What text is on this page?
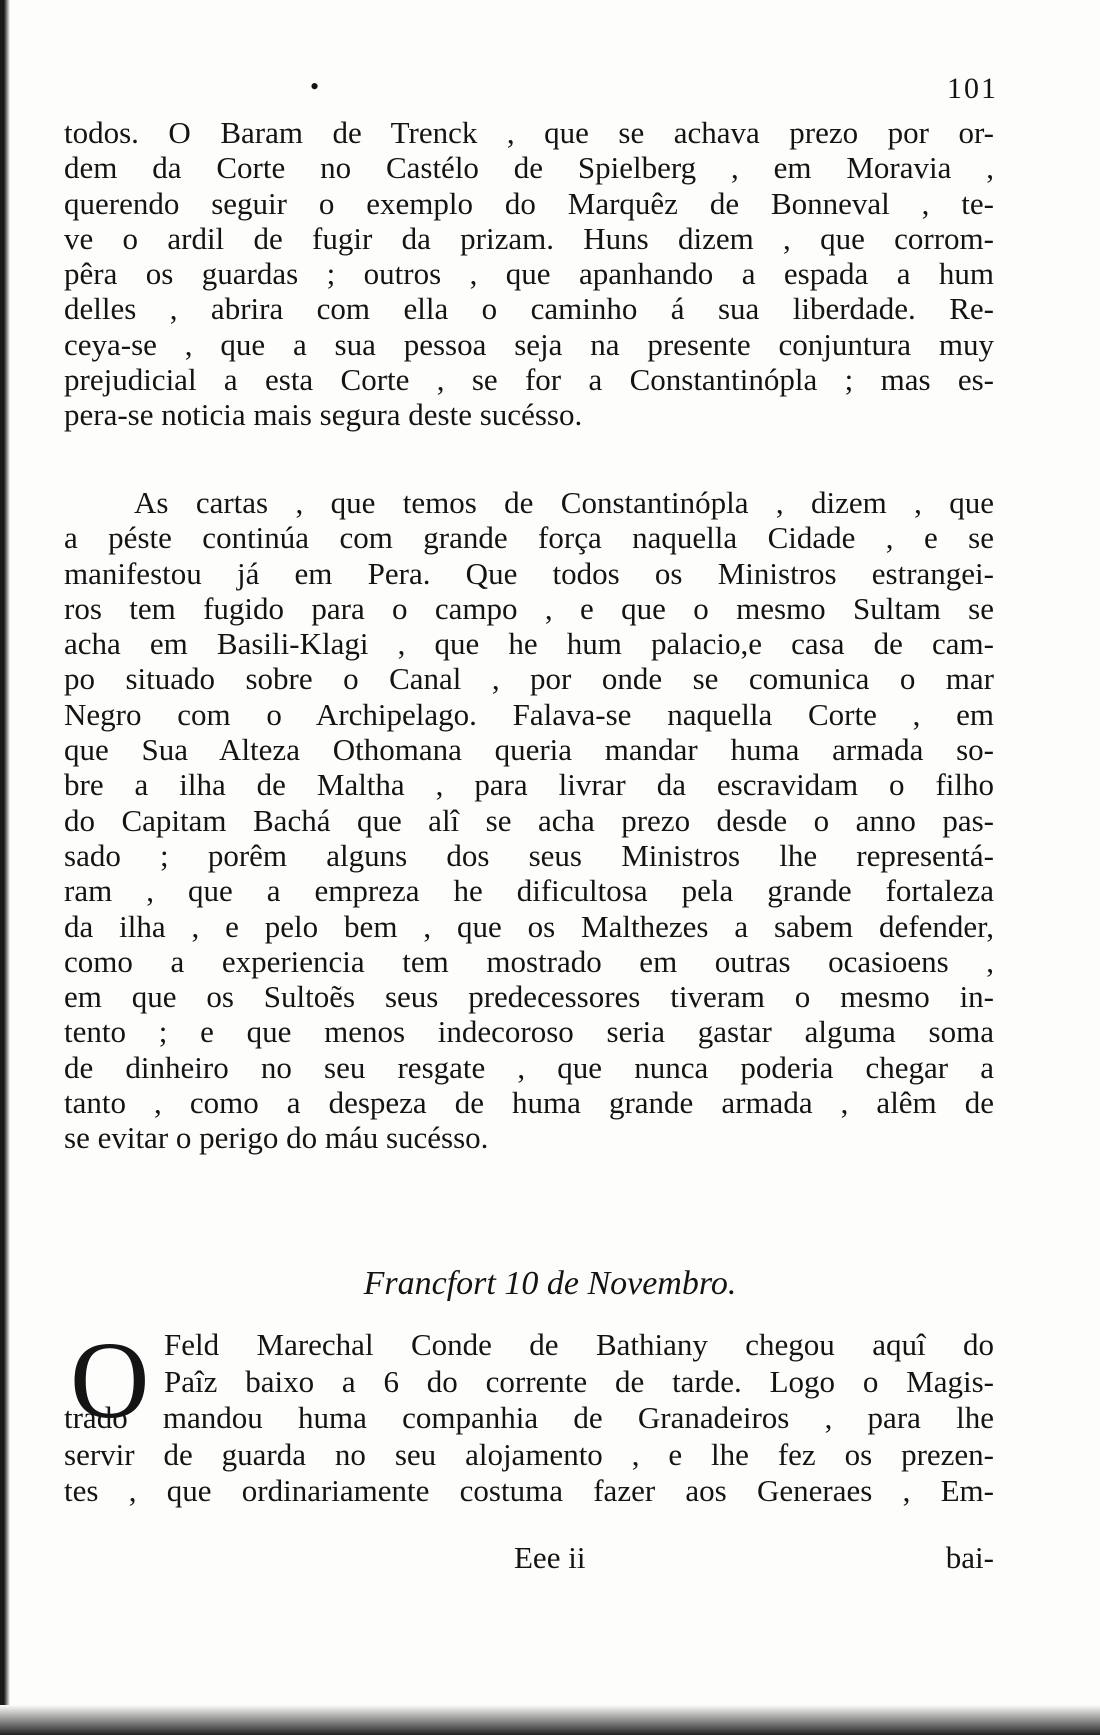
•	101
todos. O Baram de Trenck , que se achava prezo por or-
dem da Corte no Castélo de Spielberg , em Moravia ,
querendo seguir o exemplo do Marquêz de Bonneval , te-
ve o ardil de fugir da prizam. Huns dizem , que corrom-
pêra os guardas ; outros , que apanhando a espada a hum
delles , abrira com ella o caminho á sua liberdade. Re-
ceya-se , que a sua pessoa seja na presente conjuntura muy
prejudicial a esta Corte , se for a Constantinópla ; mas es-
pera-se noticia mais segura deste sucésso.
As cartas , que temos de Constantinópla , dizem , que
a péste continúa com grande força naquella Cidade , e se
manifestou já em Pera. Que todos os Ministros estrangei-
ros tem fugido para o campo , e que o mesmo Sultam se
acha em Basili-Klagi , que he hum palacio,e casa de cam-
po situado sobre o Canal , por onde se comunica o mar
Negro com o Archipelago. Falava-se naquella Corte , em
que Sua Alteza Othomana queria mandar huma armada so-
bre a ilha de Maltha , para livrar da escravidam o filho
do Capitam Bachá que alî se acha prezo desde o anno pas-
sado ; porêm alguns dos seus Ministros lhe representá-
ram , que a empreza he dificultosa pela grande fortaleza
da ilha , e pelo bem , que os Malthezes a sabem defender,
como a experiencia tem mostrado em outras ocasioens ,
em que os Sultoẽs seus predecessores tiveram o mesmo in-
tento ; e que menos indecoroso seria gastar alguma soma
de dinheiro no seu resgate , que nunca poderia chegar a
tanto , como a despeza de huma grande armada , alêm de
se evitar o perigo do máu sucésso.
Francfort 10 de Novembro.
O Feld Marechal Conde de Bathiany chegou aquî do
Paîz baixo a 6 do corrente de tarde. Logo o Magis-
trado mandou huma companhia de Granadeiros , para lhe
servir de guarda no seu alojamento , e lhe fez os prezen-
tes , que ordinariamente costuma fazer aos Generaes , Em-
Eee ii	bai-
